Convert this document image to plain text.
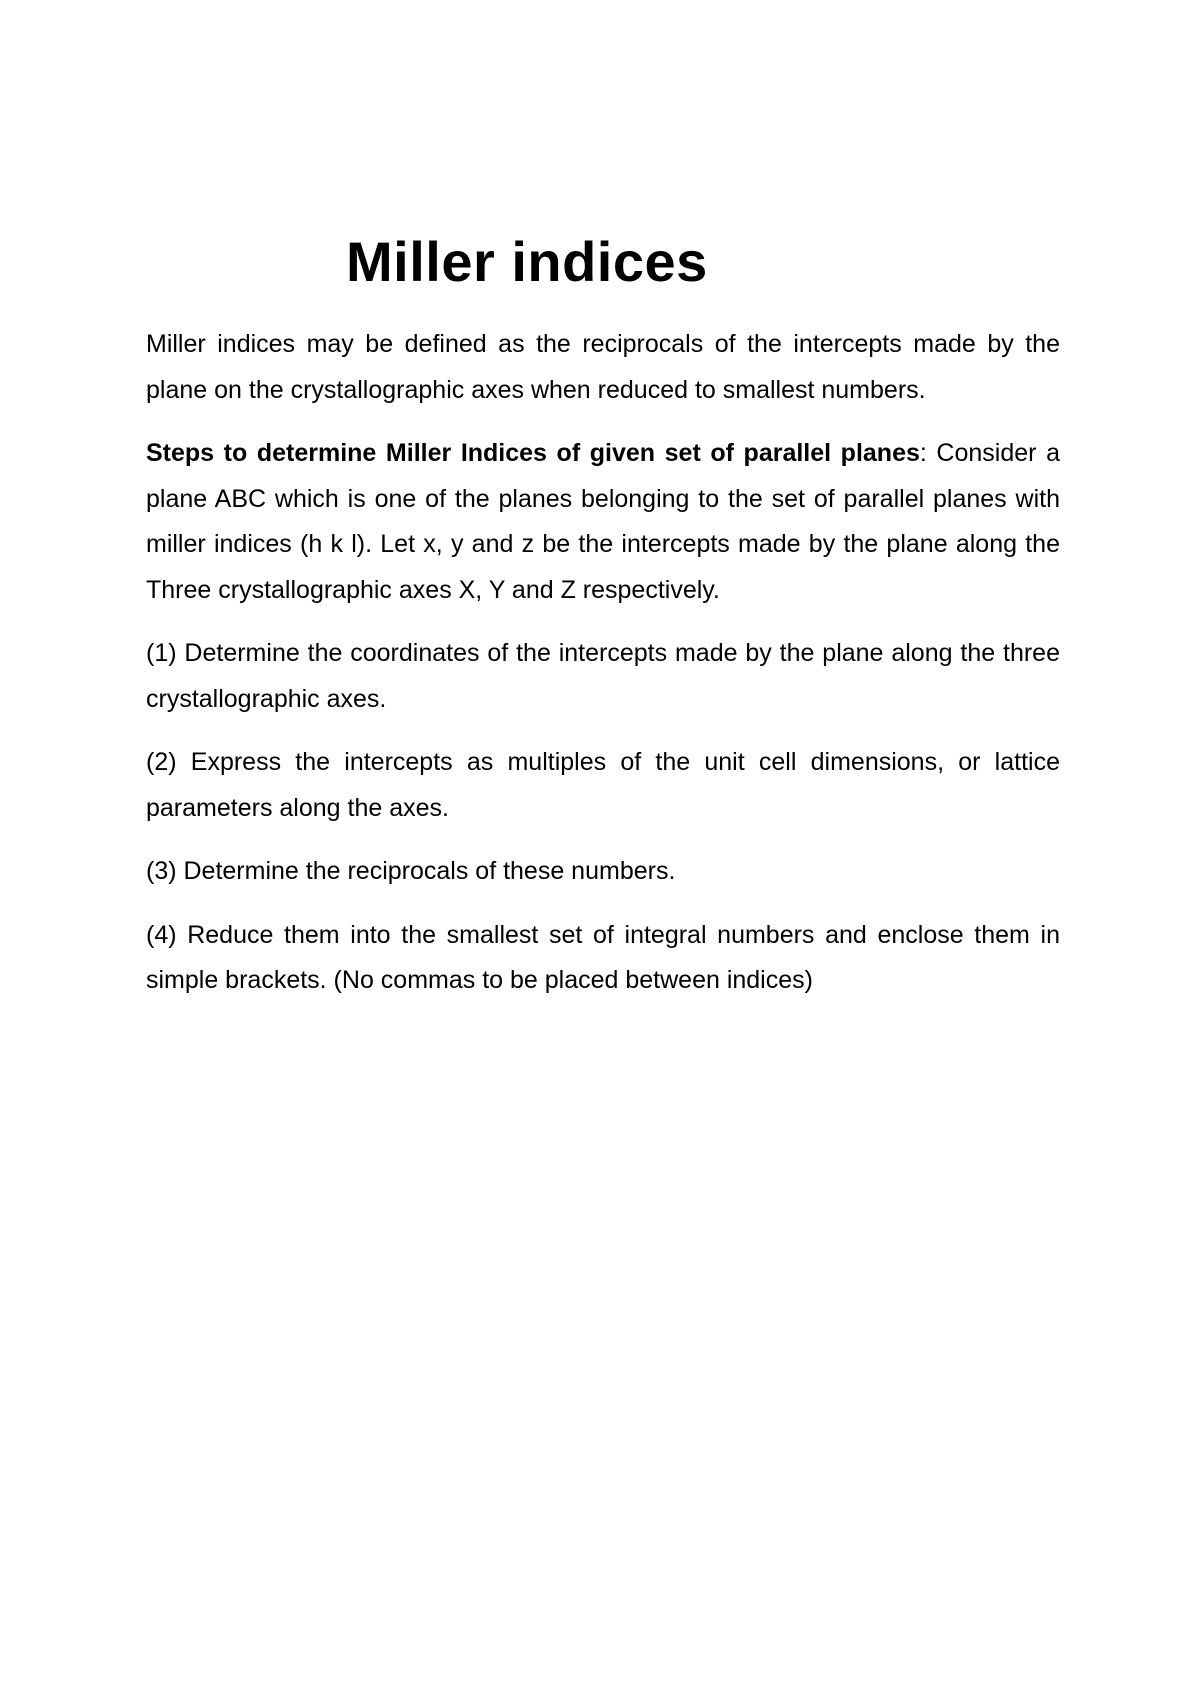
Miller indices

Miller indices may be defined as the reciprocals of the intercepts made by the plane on the crystallographic axes when reduced to smallest numbers.

Steps to determine Miller Indices of given set of parallel planes: Consider a plane ABC which is one of the planes belonging to the set of parallel planes with miller indices (h k l). Let x, y and z be the intercepts made by the plane along the Three crystallographic axes X, Y and Z respectively.

(1) Determine the coordinates of the intercepts made by the plane along the three crystallographic axes.

(2) Express the intercepts as multiples of the unit cell dimensions, or lattice parameters along the axes.

(3) Determine the reciprocals of these numbers.

(4) Reduce them into the smallest set of integral numbers and enclose them in simple brackets. (No commas to be placed between indices)
